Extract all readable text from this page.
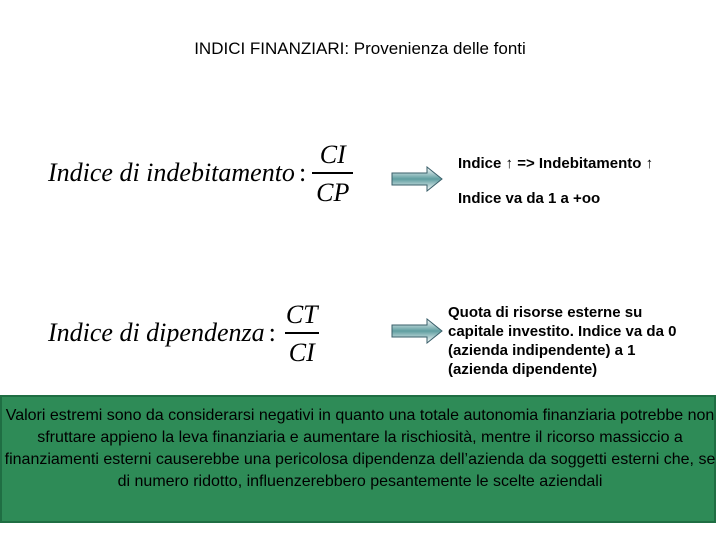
INDICI FINANZIARI: Provenienza delle fonti
Indice di indebitamento : $\frac{CI}{CP}$	Indice ↑ => Indebitamento ↑
Indice va da 1 a +oo
Indice di dipendenza : $\frac{CT}{CI}$	Quota di risorse esterne su capitale investito. Indice va da 0 (azienda indipendente) a 1 (azienda dipendente)
Valori estremi sono da considerarsi negativi in quanto una totale autonomia finanziaria potrebbe non sfruttare appieno la leva finanziaria e aumentare la rischiosità, mentre il ricorso massiccio a finanziamenti esterni causerebbe una pericolosa dipendenza dell’azienda da soggetti esterni che, se di numero ridotto, influenzerebbero pesantemente le scelte aziendali
